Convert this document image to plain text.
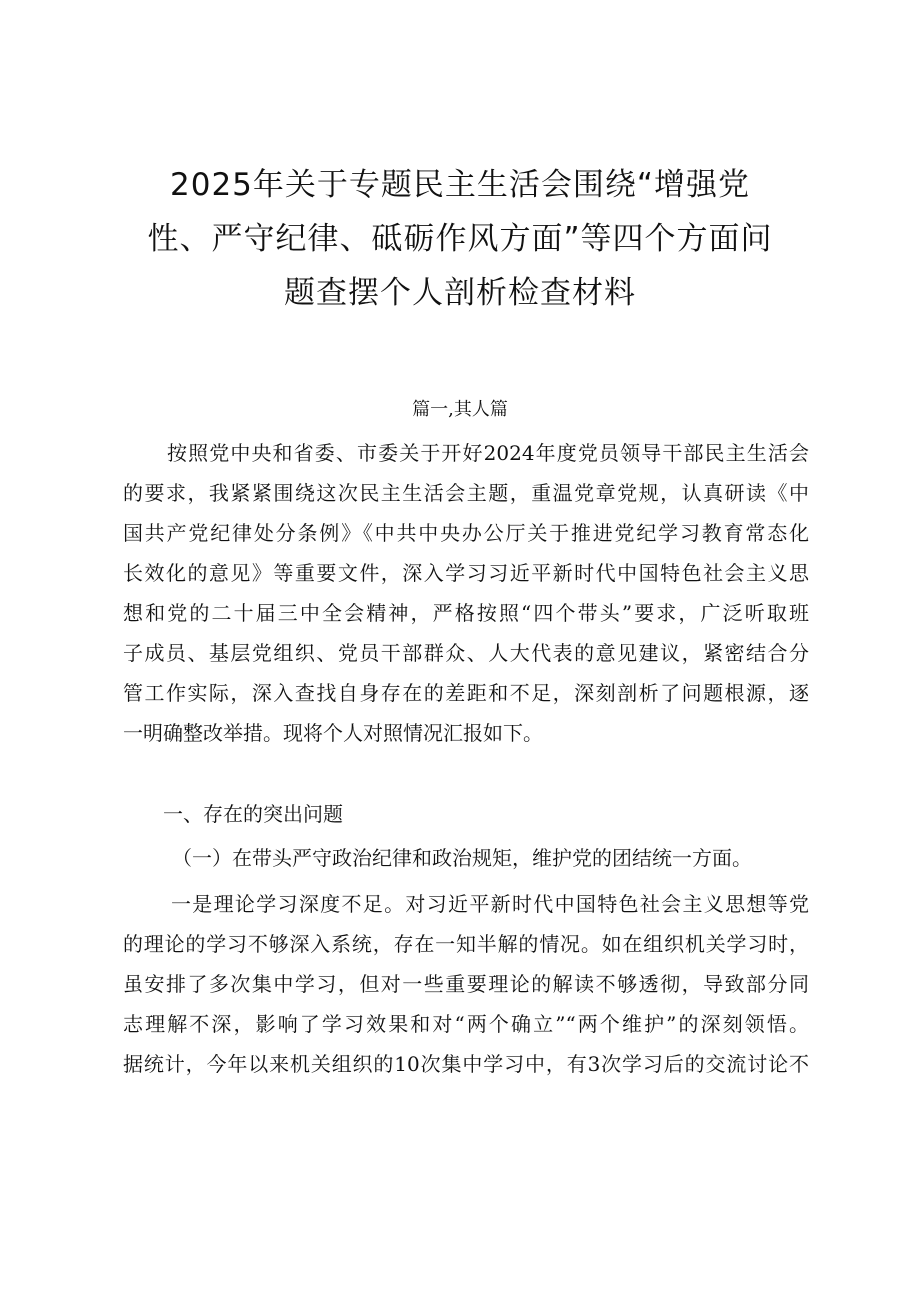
2025年关于专题民主生活会围绕“增强党
性、严守纪律、砥砺作风方面”等四个方面问
题查摆个人剖析检查材料
篇一,其人篇
按照党中央和省委、市委关于开好2024年度党员领导干部民主生活会
的要求，我紧紧围绕这次民主生活会主题，重温党章党规，认真研读《中
国共产党纪律处分条例》《中共中央办公厅关于推进党纪学习教育常态化
长效化的意见》等重要文件，深入学习习近平新时代中国特色社会主义思
想和党的二十届三中全会精神，严格按照“四个带头”要求，广泛听取班
子成员、基层党组织、党员干部群众、人大代表的意见建议，紧密结合分
管工作实际，深入查找自身存在的差距和不足，深刻剖析了问题根源，逐
一明确整改举措。现将个人对照情况汇报如下。
一、存在的突出问题
（一）在带头严守政治纪律和政治规矩，维护党的团结统一方面。
一是理论学习深度不足。对习近平新时代中国特色社会主义思想等党
的理论的学习不够深入系统，存在一知半解的情况。如在组织机关学习时，
虽安排了多次集中学习，但对一些重要理论的解读不够透彻，导致部分同
志理解不深，影响了学习效果和对“两个确立”“两个维护”的深刻领悟。
据统计，今年以来机关组织的10次集中学习中，有3次学习后的交流讨论不
